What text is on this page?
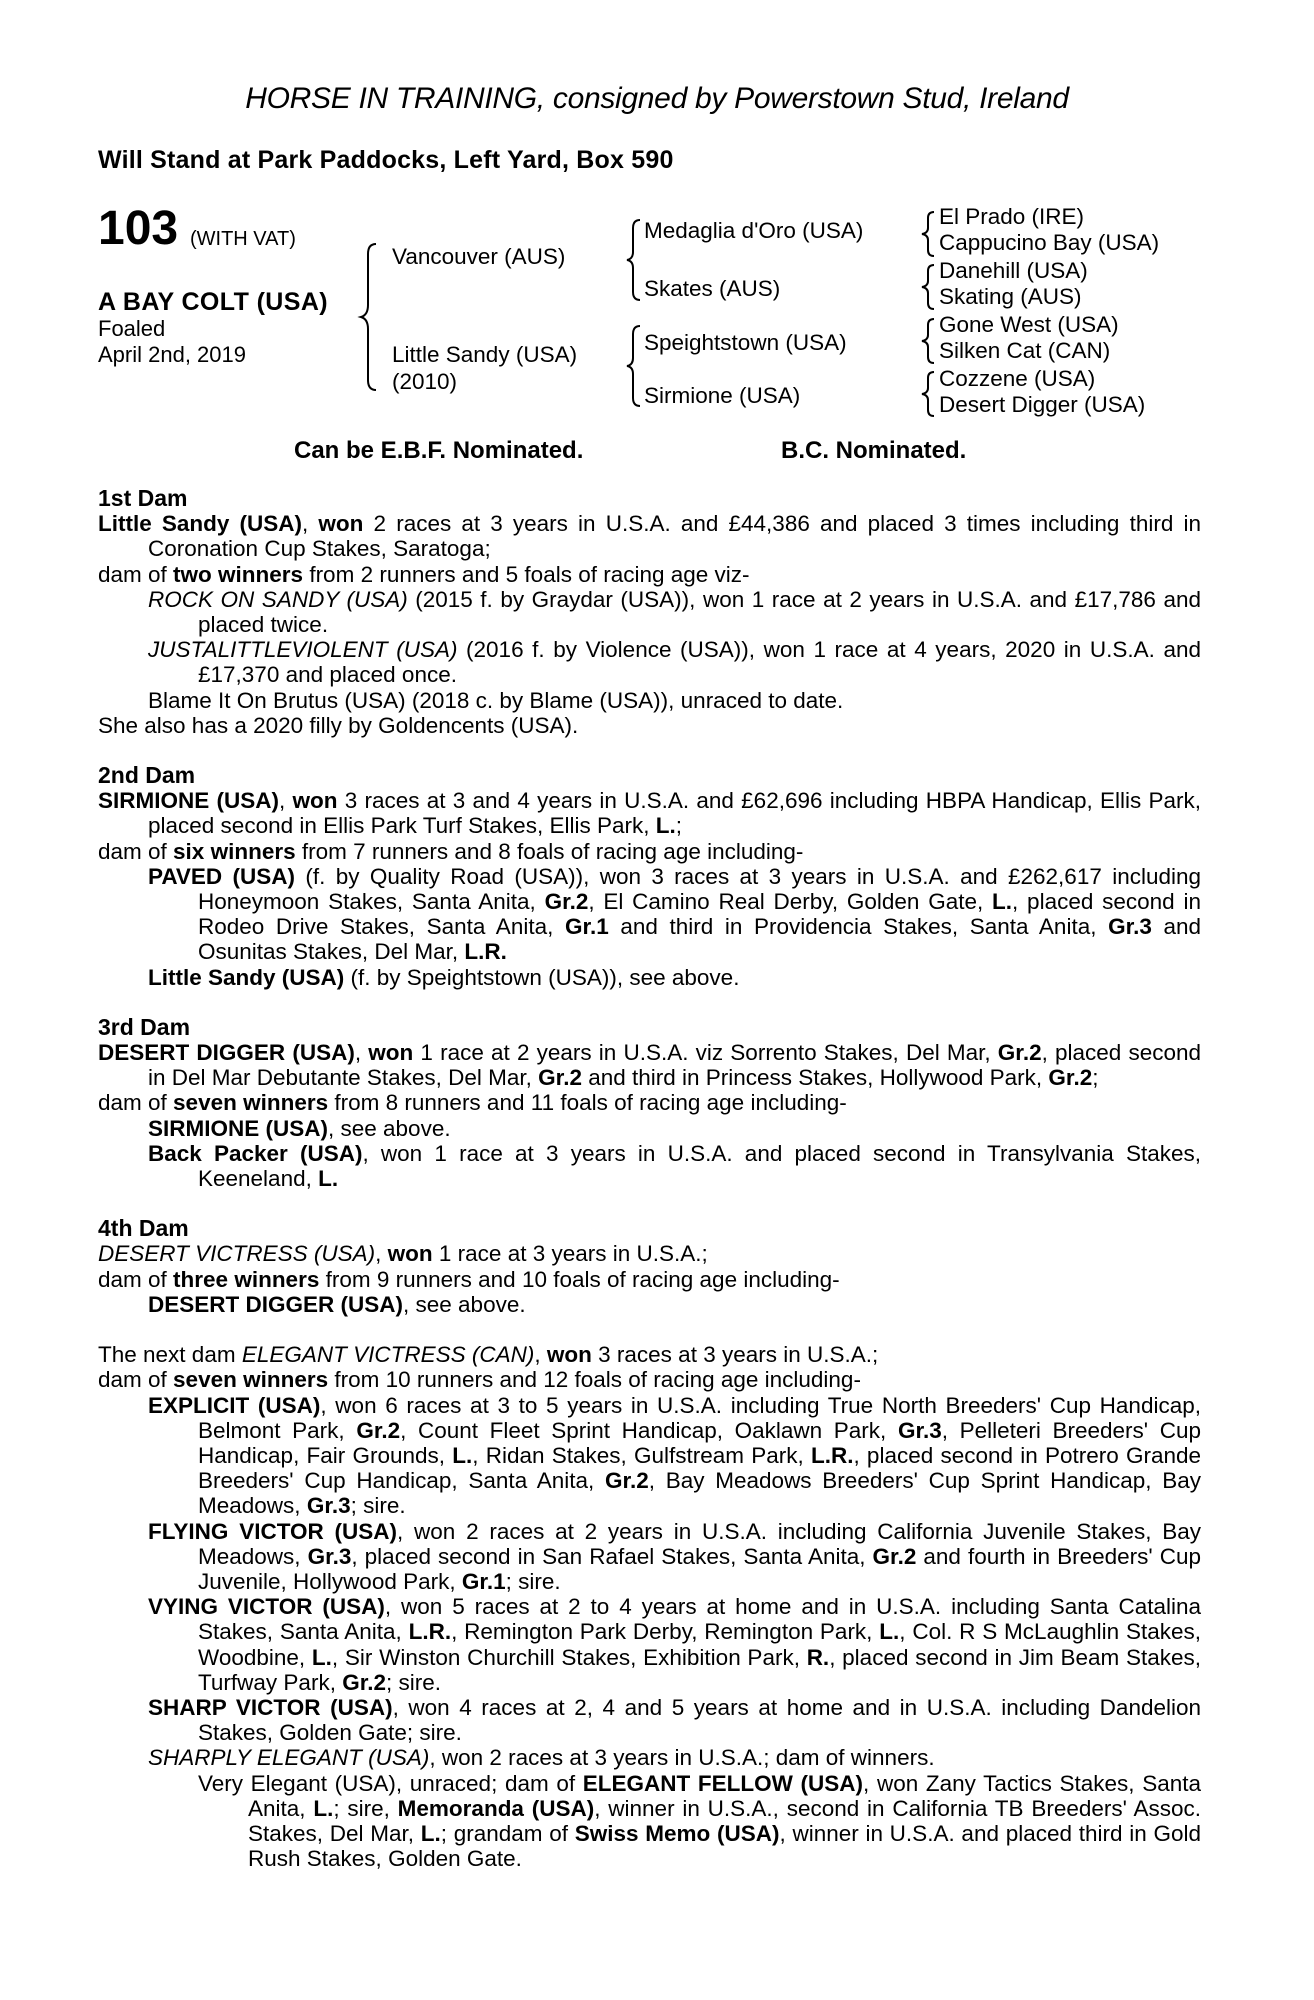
HORSE IN TRAINING, consigned by Powerstown Stud, Ireland
Will Stand at Park Paddocks, Left Yard, Box 590
103 (WITH VAT)
A BAY COLT (USA)
Foaled
April 2nd, 2019
Vancouver (AUS)
Little Sandy (USA)
(2010)
Medaglia d'Oro (USA)
Skates (AUS)
Speightstown (USA)
Sirmione (USA)
El Prado (IRE)
Cappucino Bay (USA)
Danehill (USA)
Skating (AUS)
Gone West (USA)
Silken Cat (CAN)
Cozzene (USA)
Desert Digger (USA)
Can be E.B.F. Nominated.	B.C. Nominated.
1st Dam
Little Sandy (USA), won 2 races at 3 years in U.S.A. and £44,386 and placed 3 times including third in Coronation Cup Stakes, Saratoga;
dam of two winners from 2 runners and 5 foals of racing age viz-
ROCK ON SANDY (USA) (2015 f. by Graydar (USA)), won 1 race at 2 years in U.S.A. and £17,786 and placed twice.
JUSTALITTLEVIOLENT (USA) (2016 f. by Violence (USA)), won 1 race at 4 years, 2020 in U.S.A. and £17,370 and placed once.
Blame It On Brutus (USA) (2018 c. by Blame (USA)), unraced to date.
She also has a 2020 filly by Goldencents (USA).
2nd Dam
SIRMIONE (USA), won 3 races at 3 and 4 years in U.S.A. and £62,696 including HBPA Handicap, Ellis Park, placed second in Ellis Park Turf Stakes, Ellis Park, L.;
dam of six winners from 7 runners and 8 foals of racing age including-
PAVED (USA) (f. by Quality Road (USA)), won 3 races at 3 years in U.S.A. and £262,617 including Honeymoon Stakes, Santa Anita, Gr.2, El Camino Real Derby, Golden Gate, L., placed second in Rodeo Drive Stakes, Santa Anita, Gr.1 and third in Providencia Stakes, Santa Anita, Gr.3 and Osunitas Stakes, Del Mar, L.R.
Little Sandy (USA) (f. by Speightstown (USA)), see above.
3rd Dam
DESERT DIGGER (USA), won 1 race at 2 years in U.S.A. viz Sorrento Stakes, Del Mar, Gr.2, placed second in Del Mar Debutante Stakes, Del Mar, Gr.2 and third in Princess Stakes, Hollywood Park, Gr.2;
dam of seven winners from 8 runners and 11 foals of racing age including-
SIRMIONE (USA), see above.
Back Packer (USA), won 1 race at 3 years in U.S.A. and placed second in Transylvania Stakes, Keeneland, L.
4th Dam
DESERT VICTRESS (USA), won 1 race at 3 years in U.S.A.;
dam of three winners from 9 runners and 10 foals of racing age including-
DESERT DIGGER (USA), see above.
The next dam ELEGANT VICTRESS (CAN), won 3 races at 3 years in U.S.A.;
dam of seven winners from 10 runners and 12 foals of racing age including-
EXPLICIT (USA), won 6 races at 3 to 5 years in U.S.A. including True North Breeders' Cup Handicap, Belmont Park, Gr.2, Count Fleet Sprint Handicap, Oaklawn Park, Gr.3, Pelleteri Breeders' Cup Handicap, Fair Grounds, L., Ridan Stakes, Gulfstream Park, L.R., placed second in Potrero Grande Breeders' Cup Handicap, Santa Anita, Gr.2, Bay Meadows Breeders' Cup Sprint Handicap, Bay Meadows, Gr.3; sire.
FLYING VICTOR (USA), won 2 races at 2 years in U.S.A. including California Juvenile Stakes, Bay Meadows, Gr.3, placed second in San Rafael Stakes, Santa Anita, Gr.2 and fourth in Breeders' Cup Juvenile, Hollywood Park, Gr.1; sire.
VYING VICTOR (USA), won 5 races at 2 to 4 years at home and in U.S.A. including Santa Catalina Stakes, Santa Anita, L.R., Remington Park Derby, Remington Park, L., Col. R S McLaughlin Stakes, Woodbine, L., Sir Winston Churchill Stakes, Exhibition Park, R., placed second in Jim Beam Stakes, Turfway Park, Gr.2; sire.
SHARP VICTOR (USA), won 4 races at 2, 4 and 5 years at home and in U.S.A. including Dandelion Stakes, Golden Gate; sire.
SHARPLY ELEGANT (USA), won 2 races at 3 years in U.S.A.; dam of winners.
Very Elegant (USA), unraced; dam of ELEGANT FELLOW (USA), won Zany Tactics Stakes, Santa Anita, L.; sire, Memoranda (USA), winner in U.S.A., second in California TB Breeders' Assoc. Stakes, Del Mar, L.; grandam of Swiss Memo (USA), winner in U.S.A. and placed third in Gold Rush Stakes, Golden Gate.
